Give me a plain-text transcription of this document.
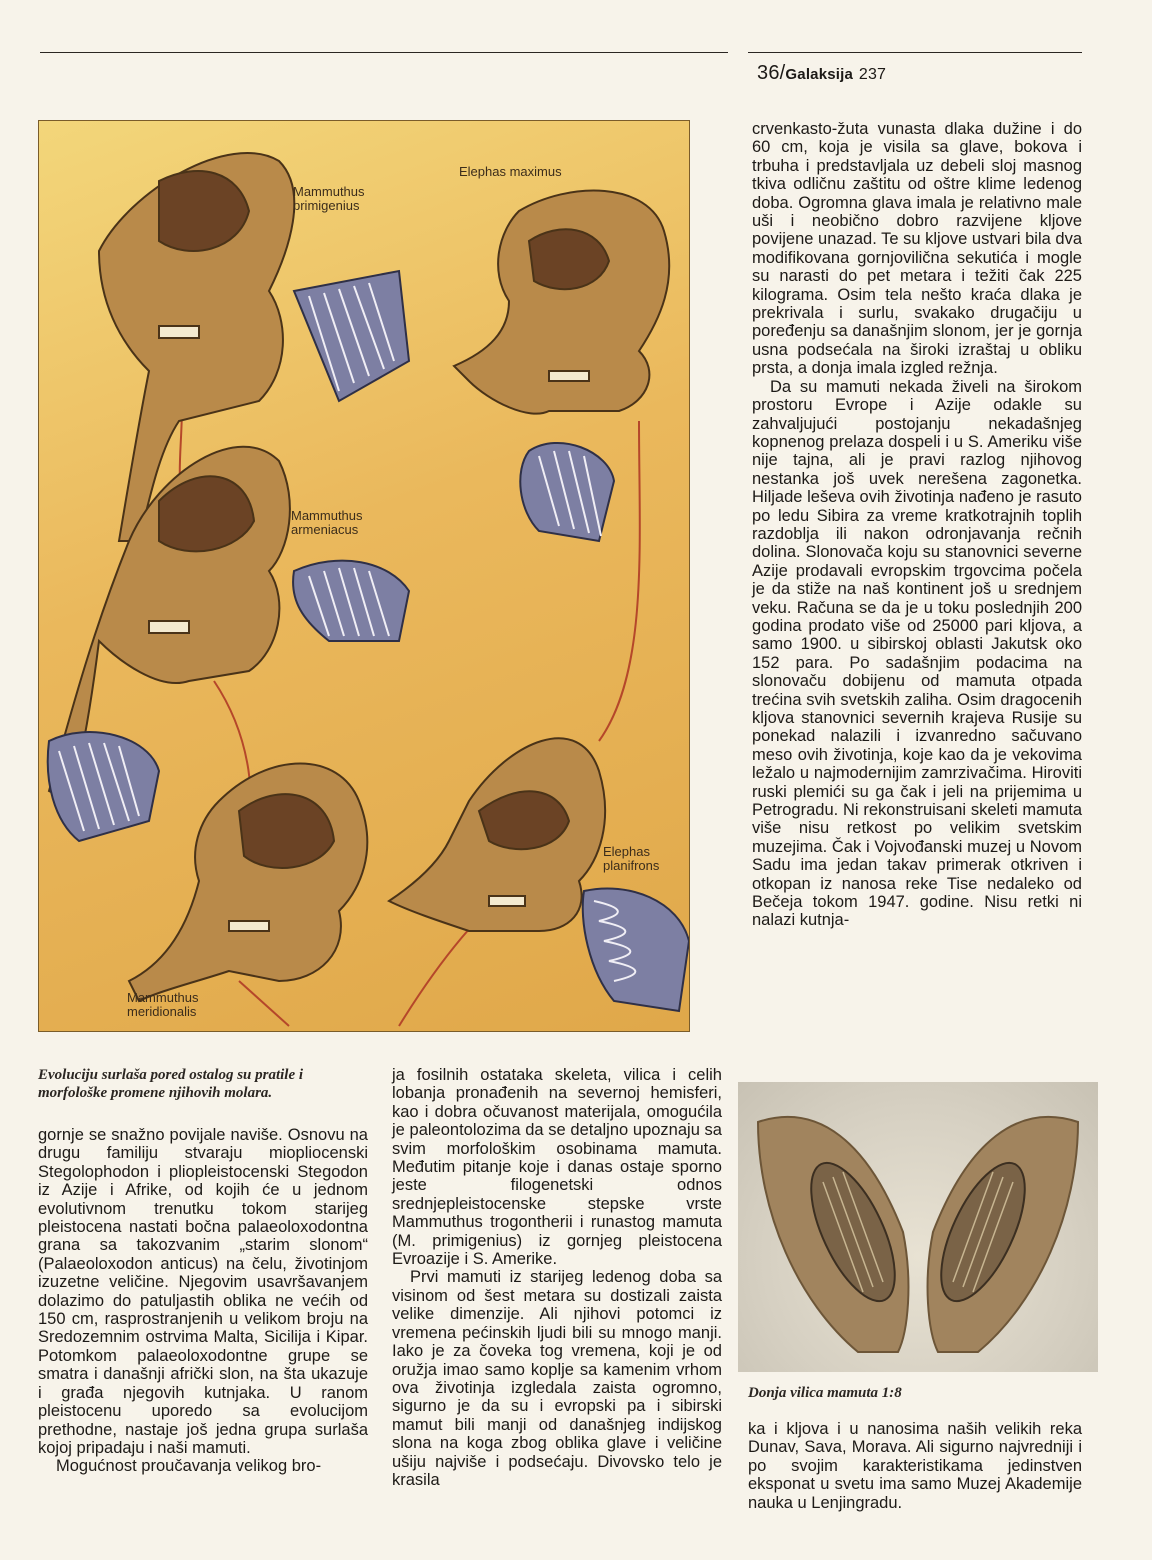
36/Galaksija 237
Mammuthus
primigenius
Elephas maximus
Mammuthus
armeniacus
Elephas
planifrons
Mammuthus
meridionalis
Evoluciju surlaša pored ostalog su pratile i morfološke promene njihovih molara.

gornje se snažno povijale naviše. Osnovu na drugu familiju stvaraju miopliocenski Stegolophodon i pliopleistocenski Stegodon iz Azije i Afrike, od kojih će u jednom evolutivnom trenutku tokom starijeg pleistocena nastati bočna palaeoloxodontna grana sa takozvanim „starim slonom“ (Palaeoloxodon anticus) na čelu, životinjom izuzetne veličine. Njegovim usavršavanjem dolazimo do patuljastih oblika ne većih od 150 cm, rasprostranjenih u velikom broju na Sredozemnim ostrvima Malta, Sicilija i Kipar. Potomkom palaeoloxodontne grupe se smatra i današnji afrički slon, na šta ukazuje i građa njegovih kutnjaka. U ranom pleistocenu uporedo sa evolucijom prethodne, nastaje još jedna grupa surlaša kojoj pripadaju i naši mamuti.

Mogućnost proučavanja velikog bro-

ja fosilnih ostataka skeleta, vilica i celih lobanja pronađenih na severnoj hemisferi, kao i dobra očuvanost materijala, omogućila je paleontolozima da se detaljno upoznaju sa svim morfološkim osobinama mamuta. Međutim pitanje koje i danas ostaje sporno jeste filogenetski odnos srednjepleistocenske stepske vrste Mammuthus trogontherii i runastog mamuta (M. primigenius) iz gornjeg pleistocena Evroazije i S. Amerike.

Prvi mamuti iz starijeg ledenog doba sa visinom od šest metara su dostizali zaista velike dimenzije. Ali njihovi potomci iz vremena pećinskih ljudi bili su mnogo manji. Iako je za čoveka tog vremena, koji je od oružja imao samo koplje sa kamenim vrhom ova životinja izgledala zaista ogromno, sigurno je da su i evropski pa i sibirski mamut bili manji od današnjeg indijskog slona na koga zbog oblika glave i veličine ušiju najviše i podsećaju. Divovsko telo je krasila

crvenkasto-žuta vunasta dlaka dužine i do 60 cm, koja je visila sa glave, bokova i trbuha i predstavljala uz debeli sloj masnog tkiva odličnu zaštitu od oštre klime ledenog doba. Ogromna glava imala je relativno male uši i neobično dobro razvijene kljove povijene unazad. Te su kljove ustvari bila dva modifikovana gornjovilična sekutića i mogle su narasti do pet metara i težiti čak 225 kilograma. Osim tela nešto kraća dlaka je prekrivala i surlu, svakako drugačiju u poređenju sa današnjim slonom, jer je gornja usna podsećala na široki izraštaj u obliku prsta, a donja imala izgled režnja.

Da su mamuti nekada živeli na širokom prostoru Evrope i Azije odakle su zahvaljujući postojanju nekadašnjeg kopnenog prelaza dospeli i u S. Ameriku više nije tajna, ali je pravi razlog njihovog nestanka još uvek nerešena zagonetka. Hiljade leševa ovih životinja nađeno je rasuto po ledu Sibira za vreme kratkotrajnih toplih razdoblja ili nakon odronjavanja rečnih dolina. Slonovača koju su stanovnici severne Azije prodavali evropskim trgovcima počela je da stiže na naš kontinent još u srednjem veku. Računa se da je u toku poslednjih 200 godina prodato više od 25000 pari kljova, a samo 1900. u sibirskoj oblasti Jakutsk oko 152 para. Po sadašnjim podacima na slonovaču dobijenu od mamuta otpada trećina svih svetskih zaliha. Osim dragocenih kljova stanovnici severnih krajeva Rusije su ponekad nalazili i izvanredno sačuvano meso ovih životinja, koje kao da je vekovima ležalo u najmodernijim zamrzivačima. Hiroviti ruski plemići su ga čak i jeli na prijemima u Petrogradu. Ni rekonstruisani skeleti mamuta više nisu retkost po velikim svetskim muzejima. Čak i Vojvođanski muzej u Novom Sadu ima jedan takav primerak otkriven i otkopan iz nanosa reke Tise nedaleko od Bečeja tokom 1947. godine. Nisu retki ni nalazi kutnja-

Donja vilica mamuta 1:8

ka i kljova i u nanosima naših velikih reka Dunav, Sava, Morava. Ali sigurno najvredniji i po svojim karakteristikama jedinstven eksponat u svetu ima samo Muzej Akademije nauka u Lenjingradu.
